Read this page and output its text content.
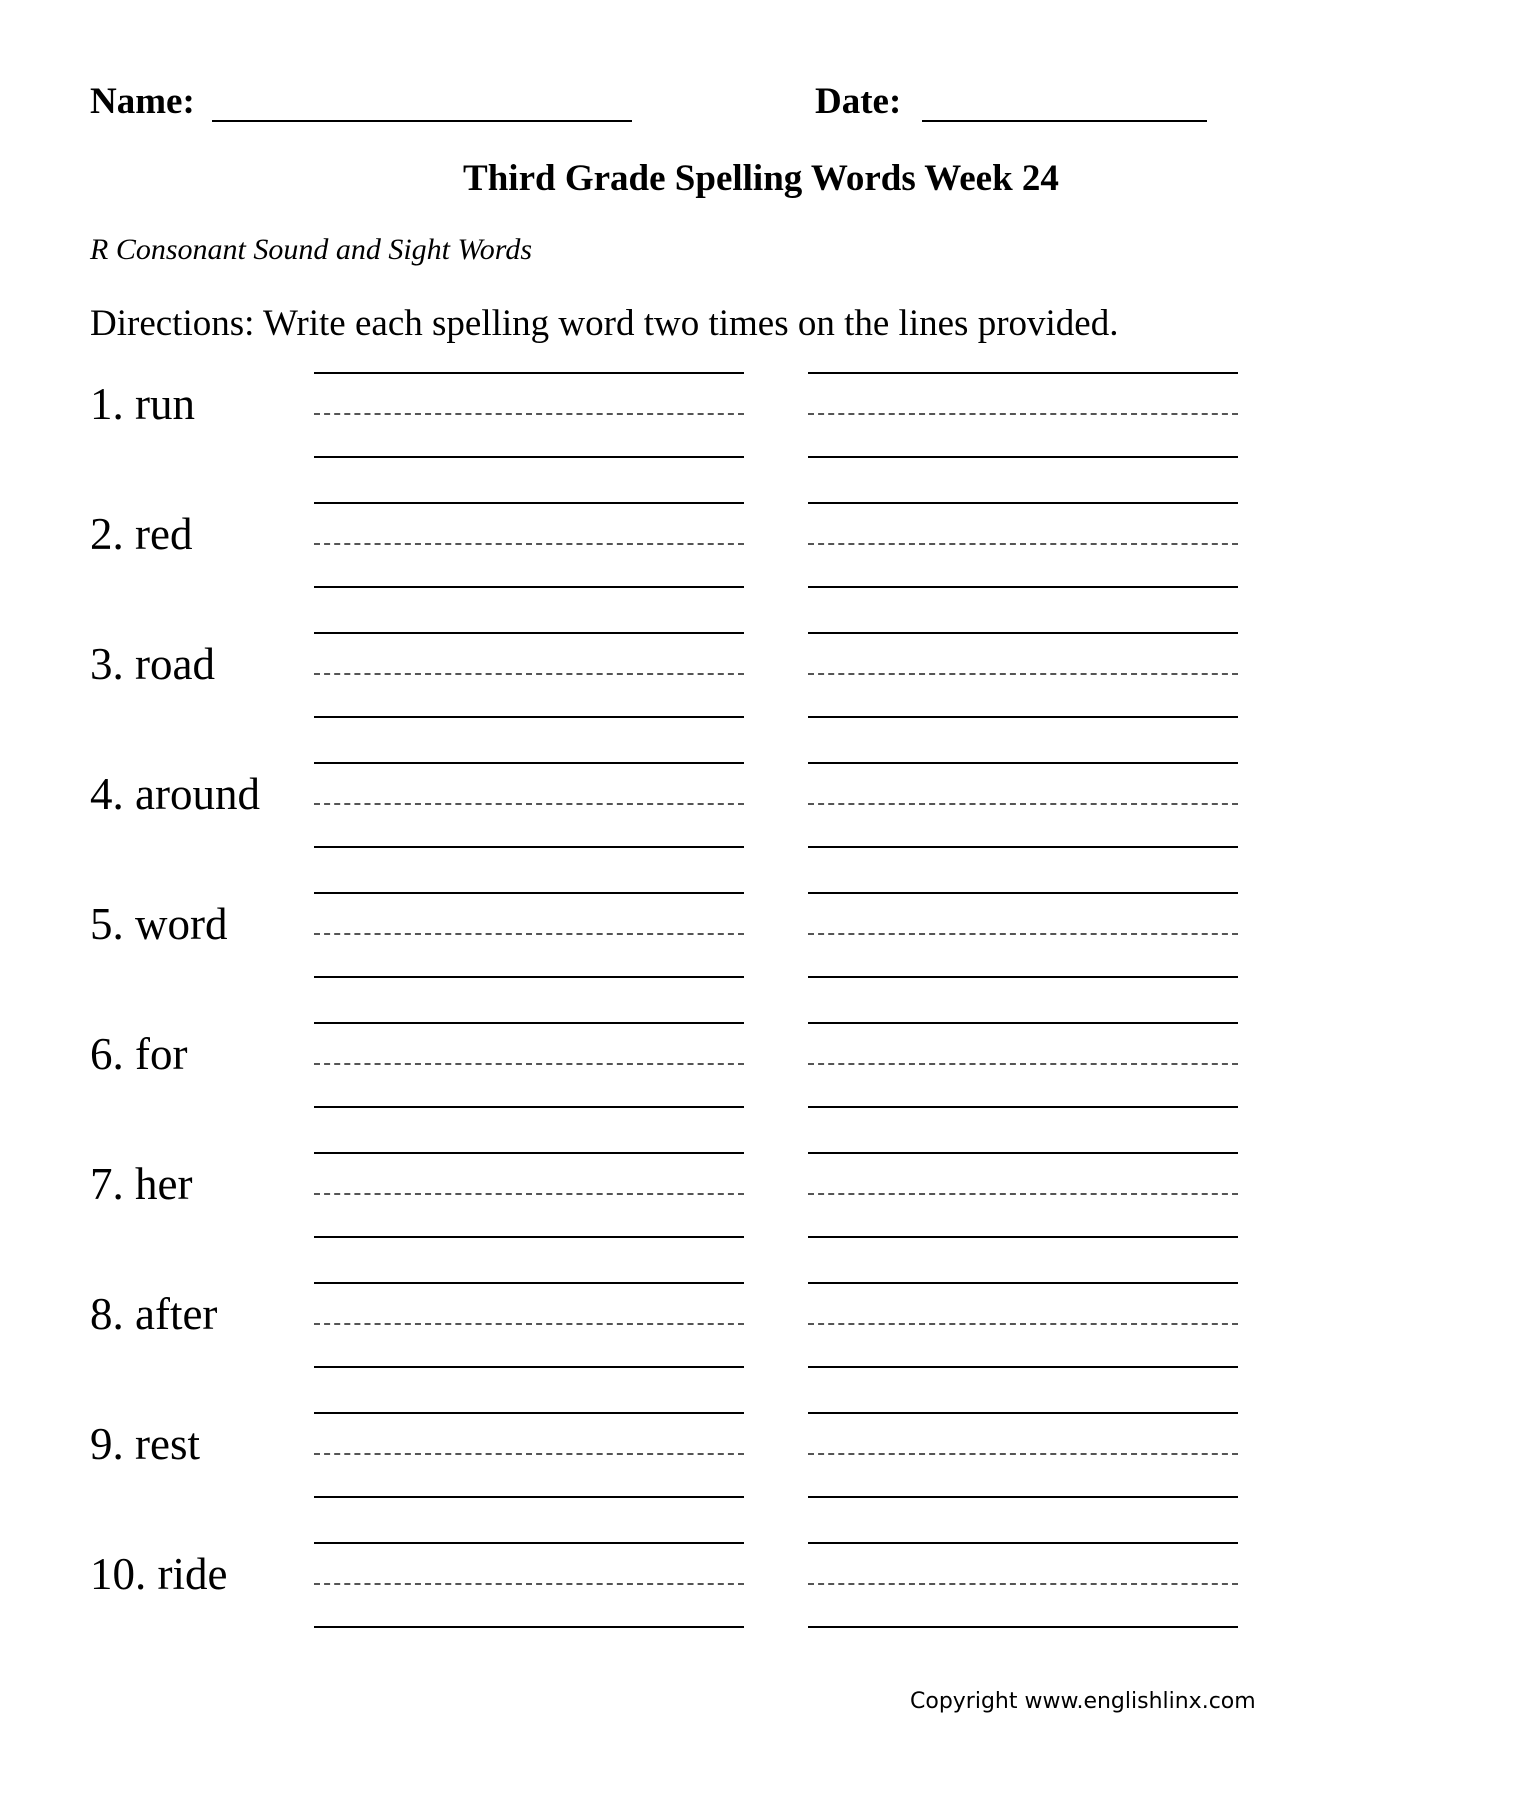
Name:	Date:
Third Grade Spelling Words Week 24
R Consonant Sound and Sight Words
Directions: Write each spelling word two times on the lines provided.
1. run
2. red
3. road
4. around
5. word
6. for
7. her
8. after
9. rest
10. ride
Copyright www.englishlinx.com
